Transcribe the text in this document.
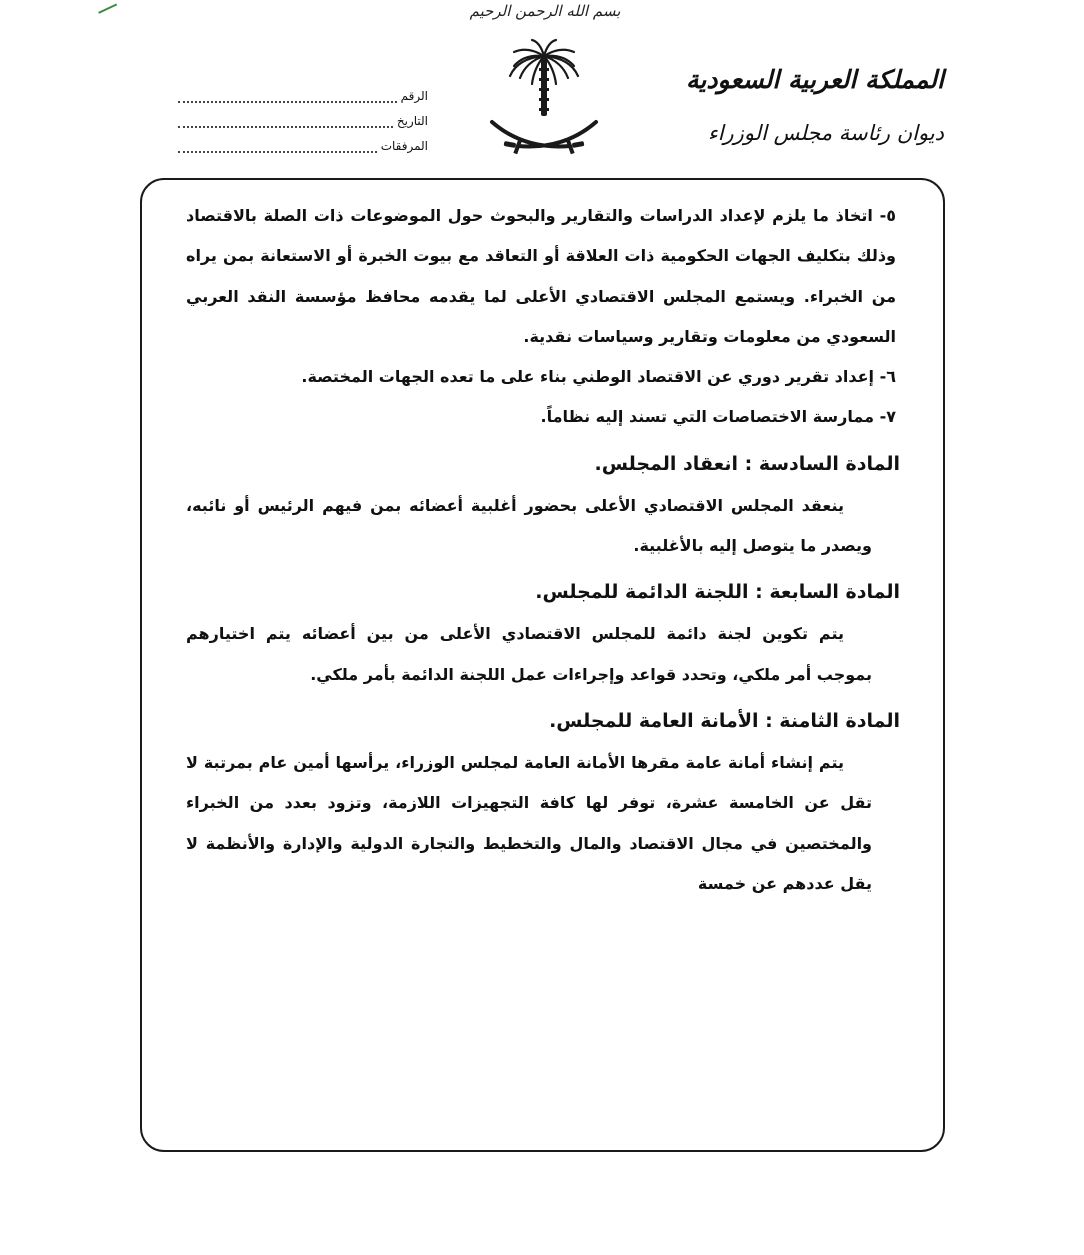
بسم الله الرحمن الرحيم
المملكة العربية السعودية
ديوان رئاسة مجلس الوزراء
الرقم
التاريخ
المرفقات

٥- اتخاذ ما يلزم لإعداد الدراسات والتقارير والبحوث حول الموضوعات ذات الصلة بالاقتصاد وذلك بتكليف الجهات الحكومية ذات العلاقة أو التعاقد مع بيوت الخبرة أو الاستعانة بمن يراه من الخبراء. ويستمع المجلس الاقتصادي الأعلى لما يقدمه محافظ مؤسسة النقد العربي السعودي من معلومات وتقارير وسياسات نقدية.

٦- إعداد تقرير دوري عن الاقتصاد الوطني بناء على ما تعده الجهات المختصة.

٧- ممارسة الاختصاصات التي تسند إليه نظاماً.

المادة السادسة : انعقاد المجلس.

ينعقد المجلس الاقتصادي الأعلى بحضور أغلبية أعضائه بمن فيهم الرئيس أو نائبه، ويصدر ما يتوصل إليه بالأغلبية.

المادة السابعة : اللجنة الدائمة للمجلس.

يتم تكوين لجنة دائمة للمجلس الاقتصادي الأعلى من بين أعضائه يتم اختيارهم بموجب أمر ملكي، وتحدد قواعد وإجراءات عمل اللجنة الدائمة بأمر ملكي.

المادة الثامنة : الأمانة العامة للمجلس.

يتم إنشاء أمانة عامة مقرها الأمانة العامة لمجلس الوزراء، يرأسها أمين عام بمرتبة لا تقل عن الخامسة عشرة، توفر لها كافة التجهيزات اللازمة، وتزود بعدد من الخبراء والمختصين في مجال الاقتصاد والمال والتخطيط والتجارة الدولية والإدارة والأنظمة لا يقل عددهم عن خمسة
